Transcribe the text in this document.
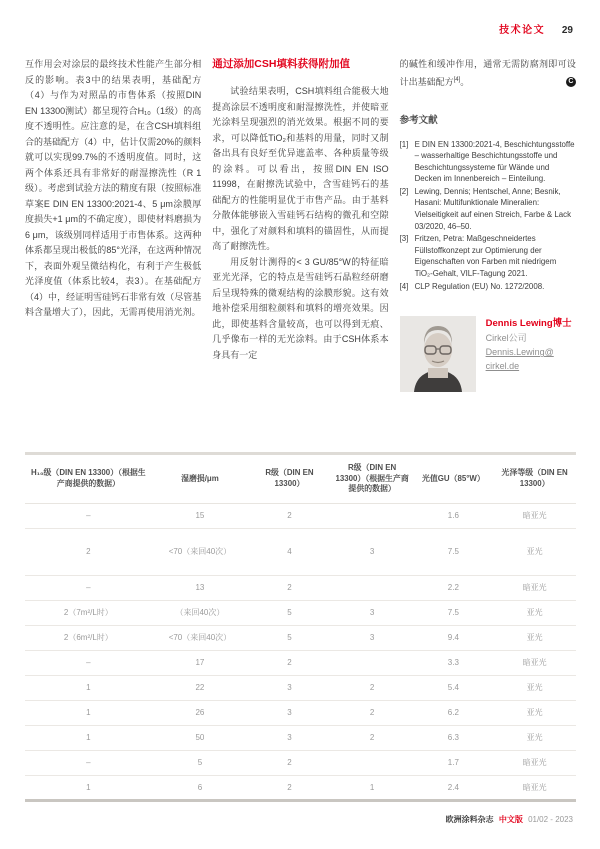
技术论文 29

互作用会对涂层的最终技术性能产生部分相反的影响。表3中的结果表明，基础配方（4）与作为对照品的市售体系（按照DIN EN 13300测试）都呈现符合H₁₀（1级）的高度不透明性。应注意的是，在含CSH填料组合的基础配方（4）中，估计仅需20%的颜料就可以实现99.7%的不透明度值。同时，这两个体系还具有非常好的耐湿擦洗性（R 1级）。考虑到试验方法的精度有限（按照标准草案E DIN EN 13300:2021-4、5 μm涂膜厚度损失+1 μm的不确定度），即使材料磨损为6 μm，该级别同样适用于市售体系。这两种体系都呈现出极低的85°光泽，在这两种情况下，表面外观呈微结构化，有利于产生极低光泽度值（体系比较4，表3）。在基础配方（4）中，经证明雪硅钙石非常有效（尽管基料含量增大了），因此，无需再使用消光剂。

通过添加CSH填料获得附加值

试验结果表明，CSH填料组合能极大地提高涂层不透明度和耐湿擦洗性，并使暗亚光涂料呈现强烈的消光效果。根据不同的要求，可以降低TiO₂和基料的用量，同时又制备出具有良好至优异遮盖率、各种质量等级的涂料。可以看出，按照DIN EN ISO 11998，在耐擦洗试验中，含雪硅钙石的基础配方的性能明显优于市售产品。由于基料分散体能够嵌入雪硅钙石结构的微孔和空隙中，强化了对颜料和填料的锚固性，从而提高了耐擦洗性。

用反射计测得的< 3 GU/85°W的特征暗亚光光泽，它的特点是雪硅钙石晶粒经研磨后呈现特殊的微观结构的涂膜形貌。这有效地补偿采用细粒颜料和填料的增亮效果。因此，即使基料含量较高，也可以得到无痕、几乎像布一样的无光涂料。由于CSH体系本身具有一定

的碱性和缓冲作用，通常无需防腐剂即可设计出基础配方[4]。	C
参考文献
[1] E DIN EN 13300:2021-4, Beschichtungsstoffe – wasserhaltige Beschichtungsstoffe und Beschichtungssysteme für Wände und Decken im Innenbereich – Einteilung.
[2] Lewing, Dennis; Hentschel, Anne; Besnik, Hasani: Multifunktionale Mineralien: Vielseitigkeit auf einen Streich, Farbe & Lack 03/2020, 46–50.
[3] Fritzen, Petra: Maßgeschneidertes Füllstoffkonzept zur Optimierung der Eigenschaften von Farben mit niedrigem TiO₂-Gehalt, VILF-Tagung 2021.
[4] CLP Regulation (EU) No. 1272/2008.
Dennis Lewing博士
Cirkel公司
Dennis.Lewing@
cirkel.de
H₁₀级（DIN EN 13300）（根据生产商提供的数据）	湿磨损/μm	R级（DIN EN 13300）	R级（DIN EN 13300）（根据生产商提供的数据）	光值GU（85°W）	光泽等级（DIN EN 13300）
–	15	2		1.6	暗亚光
2	<70（来回40次）	4	3	7.5	亚光
–	13	2		2.2	暗亚光
2（7m²/L时）	（来回40次）	5	3	7.5	亚光
2（6m²/L时）	<70（来回40次）	5	3	9.4	亚光
–	17	2		3.3	暗亚光
1	22	3	2	5.4	亚光
1	26	3	2	6.2	亚光
1	50	3	2	6.3	亚光
–	5	2		1.7	暗亚光
1	6	2	1	2.4	暗亚光
欧洲涂料杂志 中文版 01/02 - 2023
